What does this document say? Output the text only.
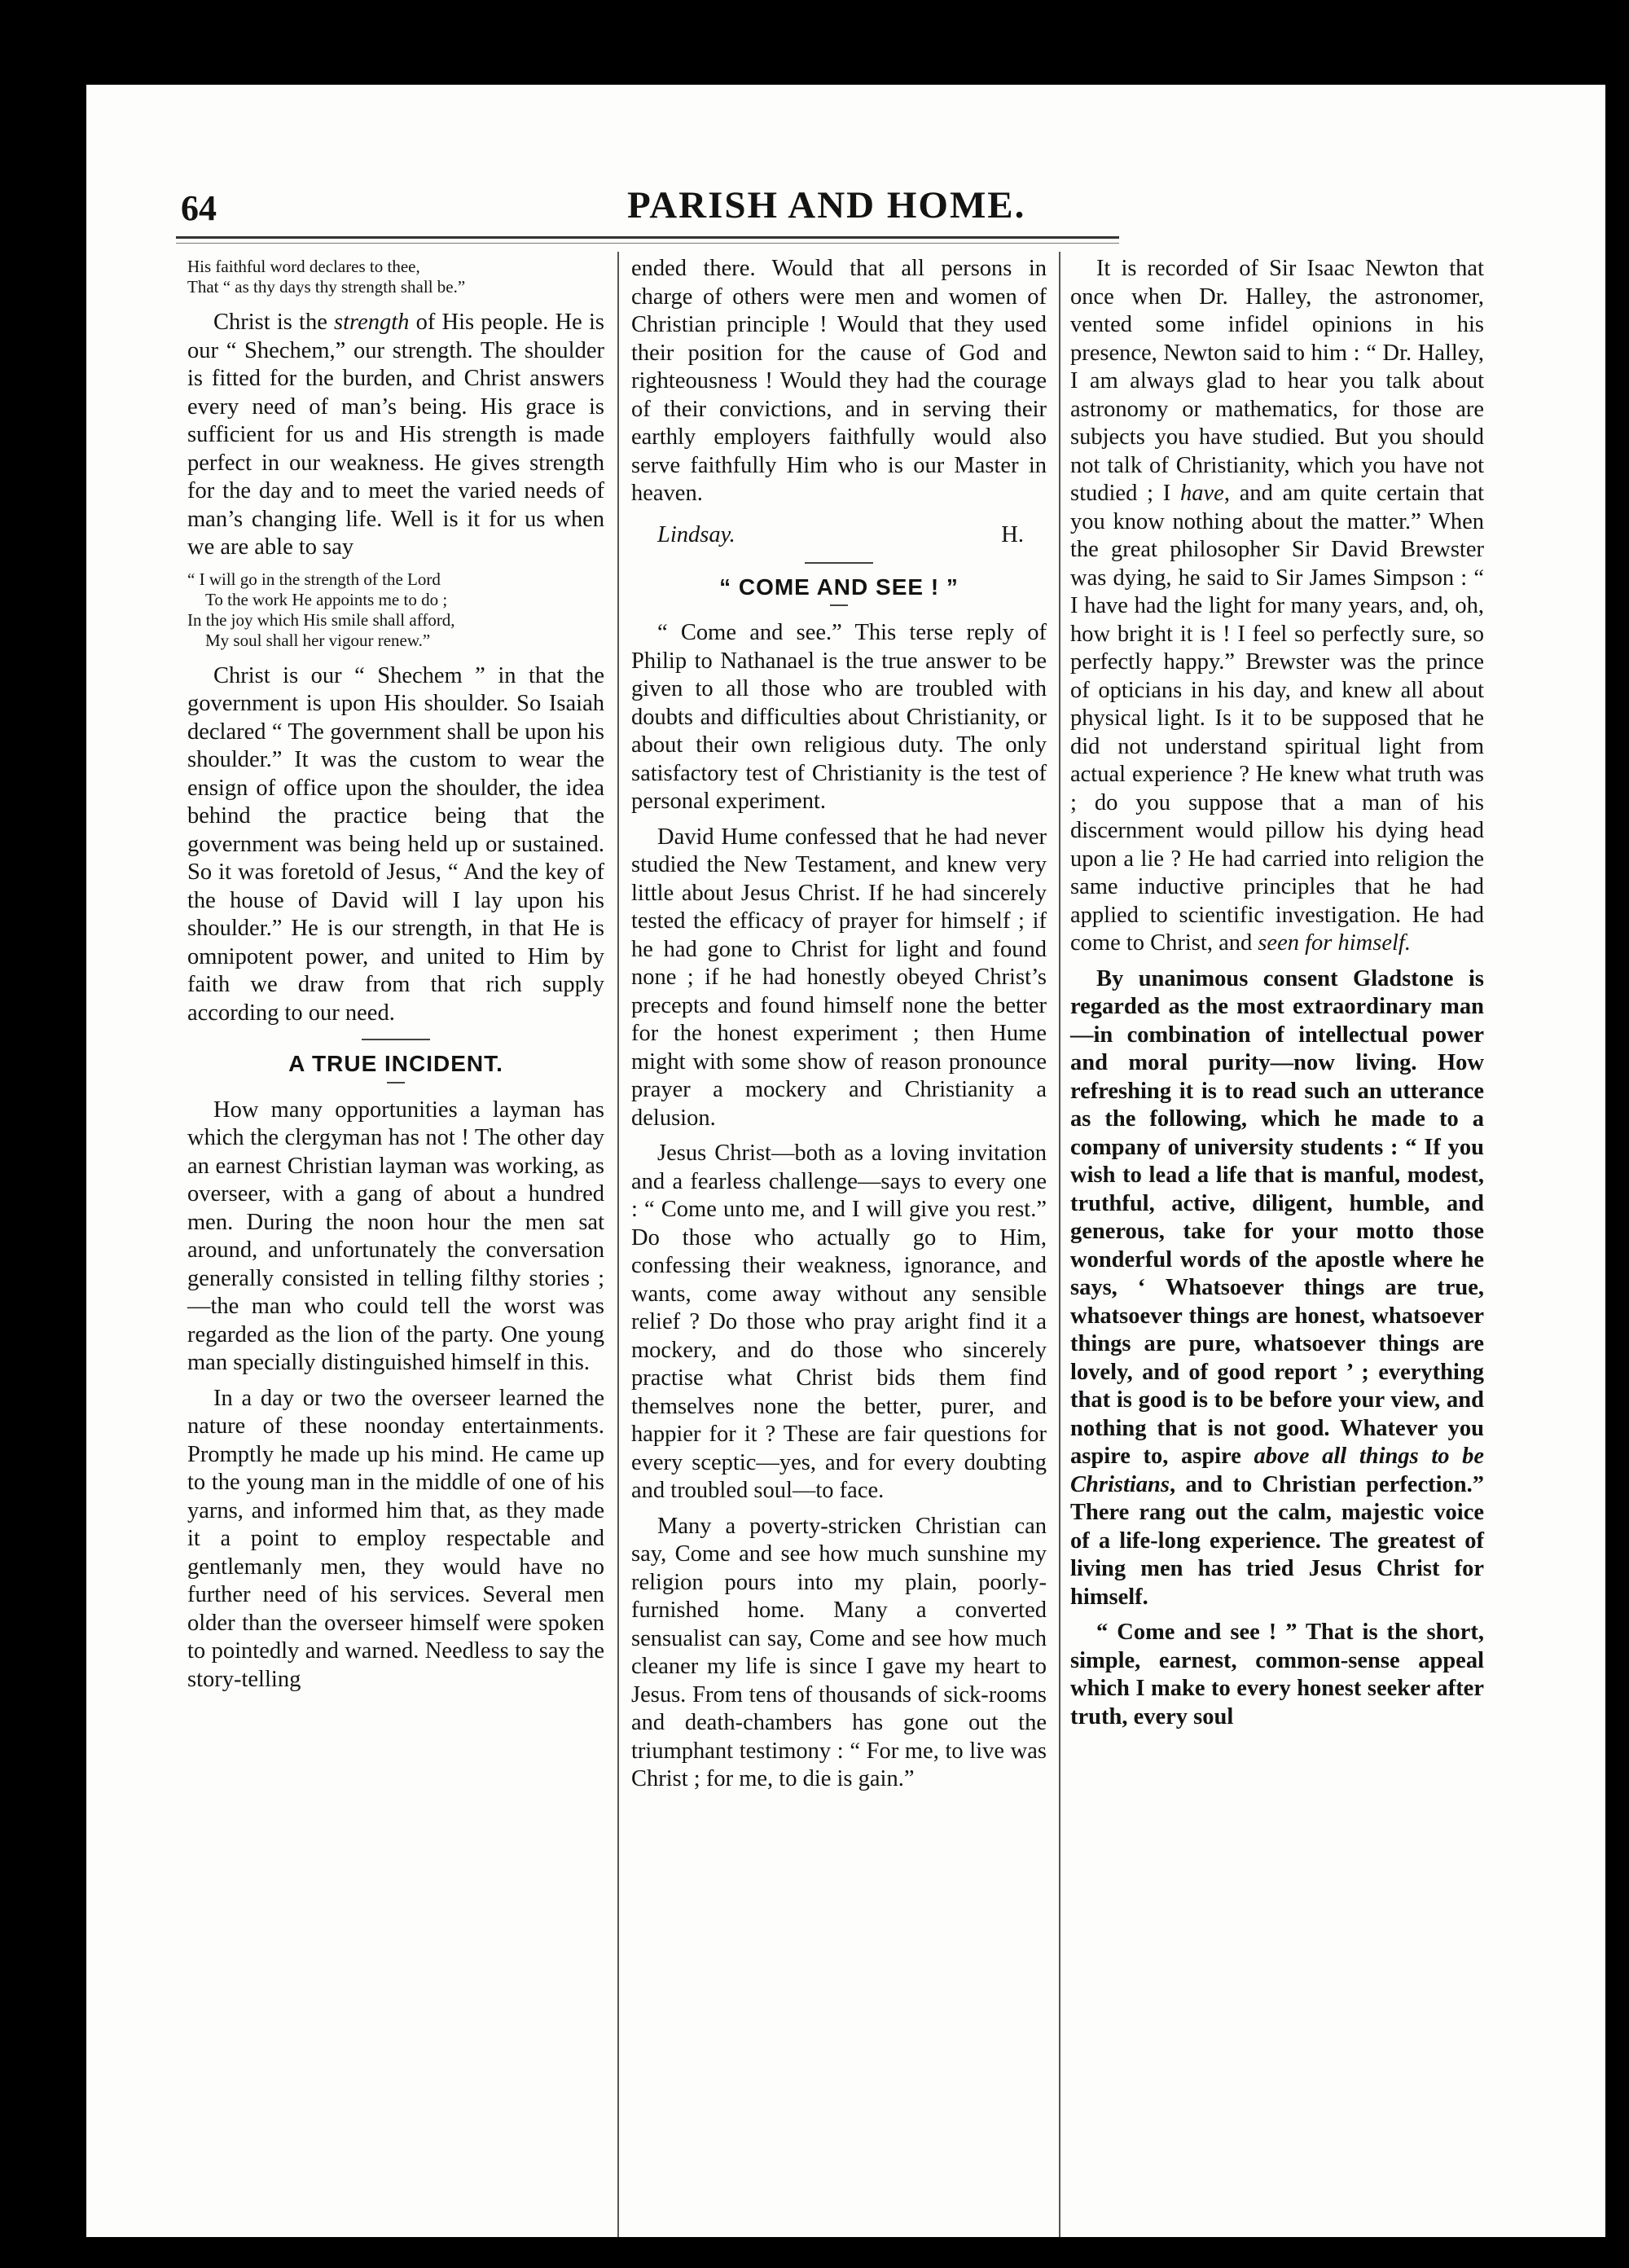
64	PARISH AND HOME.
His faithful word declares to thee,
That “ as thy days thy strength shall be.”

Christ is the strength of His people. He is our “ Shechem,” our strength. The shoulder is fitted for the burden, and Christ answers every need of man’s being. His grace is sufficient for us and His strength is made perfect in our weakness. He gives strength for the day and to meet the varied needs of man’s changing life. Well is it for us when we are able to say

“ I will go in the strength of the Lord
To the work He appoints me to do ;
In the joy which His smile shall afford,
My soul shall her vigour renew.”

Christ is our “ Shechem ” in that the government is upon His shoulder. So Isaiah declared “ The government shall be upon his shoulder.” It was the custom to wear the ensign of office upon the shoulder, the idea behind the practice being that the government was being held up or sustained. So it was foretold of Jesus, “ And the key of the house of David will I lay upon his shoulder.” He is our strength, in that He is omnipotent power, and united to Him by faith we draw from that rich supply according to our need.

A TRUE INCIDENT.

How many opportunities a layman has which the clergyman has not ! The other day an earnest Christian layman was working, as overseer, with a gang of about a hundred men. During the noon hour the men sat around, and unfortunately the conversation generally consisted in telling filthy stories ;—the man who could tell the worst was regarded as the lion of the party. One young man specially distinguished himself in this.

In a day or two the overseer learned the nature of these noonday entertainments. Promptly he made up his mind. He came up to the young man in the middle of one of his yarns, and informed him that, as they made it a point to employ respectable and gentlemanly men, they would have no further need of his services. Several men older than the overseer himself were spoken to pointedly and warned. Needless to say the story-telling

ended there. Would that all persons in charge of others were men and women of Christian principle ! Would that they used their position for the cause of God and righteousness ! Would they had the courage of their convictions, and in serving their earthly employers faithfully would also serve faithfully Him who is our Master in heaven.

Lindsay.	H.
“ COME AND SEE ! ”

“ Come and see.” This terse reply of Philip to Nathanael is the true answer to be given to all those who are troubled with doubts and difficulties about Christianity, or about their own religious duty. The only satisfactory test of Christianity is the test of personal experiment.

David Hume confessed that he had never studied the New Testament, and knew very little about Jesus Christ. If he had sincerely tested the efficacy of prayer for himself ; if he had gone to Christ for light and found none ; if he had honestly obeyed Christ’s precepts and found himself none the better for the honest experiment ; then Hume might with some show of reason pronounce prayer a mockery and Christianity a delusion.

Jesus Christ—both as a loving invitation and a fearless challenge—says to every one : “ Come unto me, and I will give you rest.” Do those who actually go to Him, confessing their weakness, ignorance, and wants, come away without any sensible relief ? Do those who pray aright find it a mockery, and do those who sincerely practise what Christ bids them find themselves none the better, purer, and happier for it ? These are fair questions for every sceptic—yes, and for every doubting and troubled soul—to face.

Many a poverty-stricken Christian can say, Come and see how much sunshine my religion pours into my plain, poorly-furnished home. Many a converted sensualist can say, Come and see how much cleaner my life is since I gave my heart to Jesus. From tens of thousands of sick-rooms and death-chambers has gone out the triumphant testimony : “ For me, to live was Christ ; for me, to die is gain.”

It is recorded of Sir Isaac Newton that once when Dr. Halley, the astronomer, vented some infidel opinions in his presence, Newton said to him : “ Dr. Halley, I am always glad to hear you talk about astronomy or mathematics, for those are subjects you have studied. But you should not talk of Christianity, which you have not studied ; I have, and am quite certain that you know nothing about the matter.” When the great philosopher Sir David Brewster was dying, he said to Sir James Simpson : “ I have had the light for many years, and, oh, how bright it is ! I feel so perfectly sure, so perfectly happy.” Brewster was the prince of opticians in his day, and knew all about physical light. Is it to be supposed that he did not understand spiritual light from actual experience ? He knew what truth was ; do you suppose that a man of his discernment would pillow his dying head upon a lie ? He had carried into religion the same inductive principles that he had applied to scientific investigation. He had come to Christ, and seen for himself.

By unanimous consent Gladstone is regarded as the most extraordinary man—in combination of intellectual power and moral purity—now living. How refreshing it is to read such an utterance as the following, which he made to a company of university students : “ If you wish to lead a life that is manful, modest, truthful, active, diligent, humble, and generous, take for your motto those wonderful words of the apostle where he says, ‘ Whatsoever things are true, whatsoever things are honest, whatsoever things are pure, whatsoever things are lovely, and of good report ’ ; everything that is good is to be before your view, and nothing that is not good. Whatever you aspire to, aspire above all things to be Christians, and to Christian perfection.” There rang out the calm, majestic voice of a life-long experience. The greatest of living men has tried Jesus Christ for himself.

“ Come and see ! ” That is the short, simple, earnest, common-sense appeal which I make to every honest seeker after truth, every soul
